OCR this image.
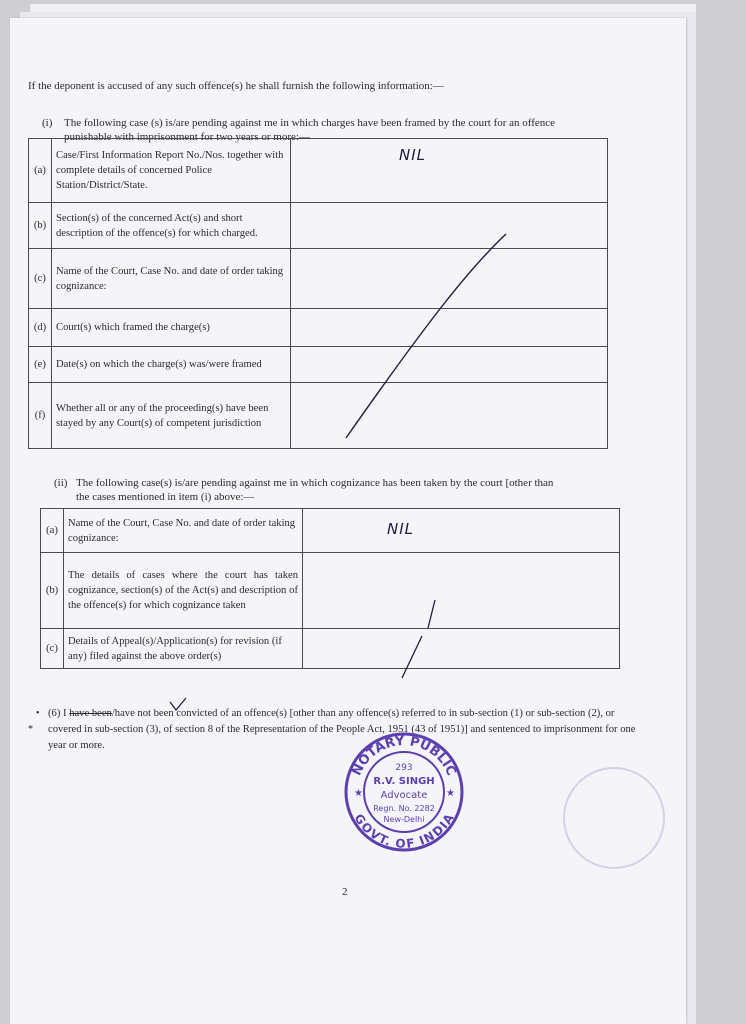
If the deponent is accused of any such offence(s) he shall furnish the following information:—

(i) The following case (s) is/are pending against me in which charges have been framed by the court for an offence
punishable with imprisonment for two years or more:—
(a)	Case/First Information Report No./Nos. together with complete details of concerned Police Station/District/State.	NIL
(b)	Section(s) of the concerned Act(s) and short description of the offence(s) for which charged.	
(c)	Name of the Court, Case No. and date of order taking cognizance:	
(d)	Court(s) which framed the charge(s)	
(e)	Date(s) on which the charge(s) was/were framed	
(f)	Whether all or any of the proceeding(s) have been stayed by any Court(s) of competent jurisdiction	
(ii) The following case(s) is/are pending against me in which cognizance has been taken by the court [other than
the cases mentioned in item (i) above:—
(a)	Name of the Court, Case No. and date of order taking cognizance:	NIL
(b)	The details of cases where the court has taken cognizance, section(s) of the Act(s) and description of the offence(s) for which cognizance taken	
(c)	Details of Appeal(s)/Application(s) for revision (if any) filed against the above order(s)	
•
*

(6) I have been/have not been convicted of an offence(s) [other than any offence(s) referred to in sub-section (1) or sub-section (2), or covered in sub-section (3), of section 8 of the Representation of the People Act, 1951 (43 of 1951)] and sentenced to imprisonment for one year or more.

NOTARY PUBLIC
GOVT. OF INDIA
293
R.V. SINGH
Advocate
Regn. No. 2282
New-Delhi
★	★
2
